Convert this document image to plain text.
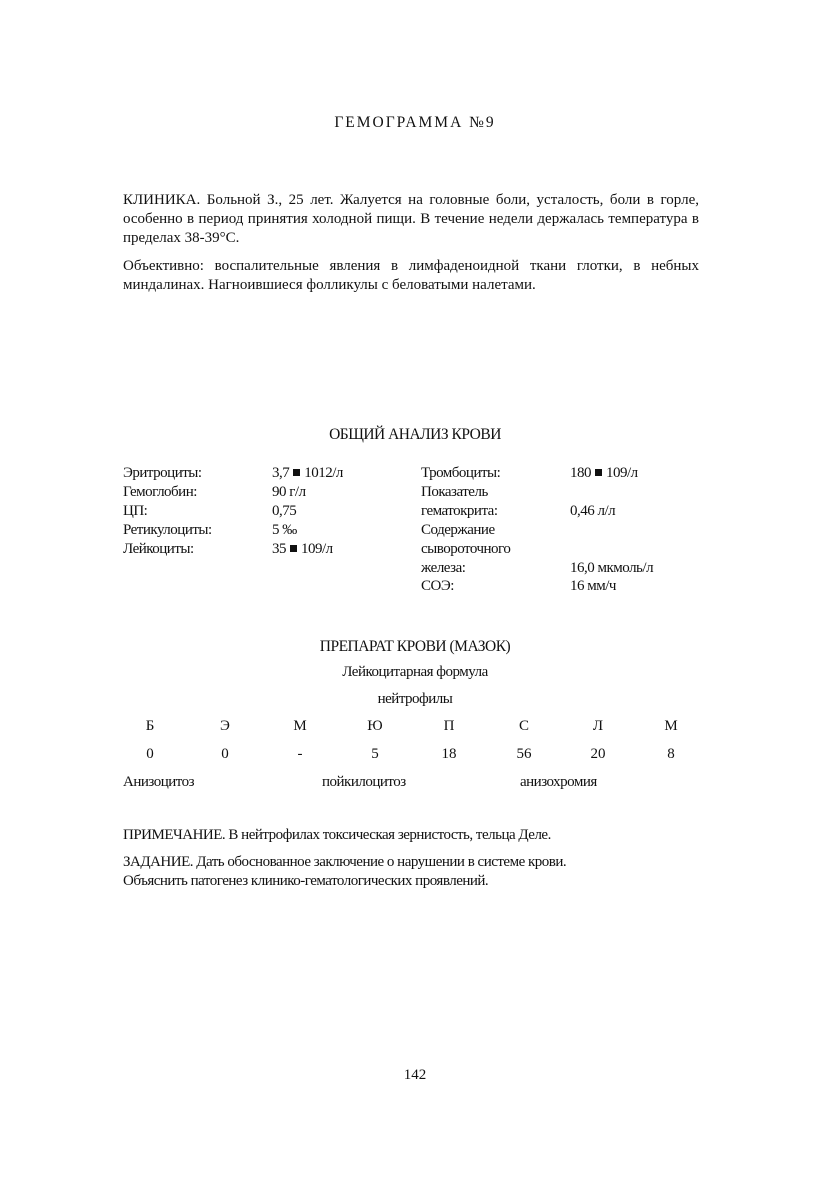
ГЕМОГРАММА №9
КЛИНИКА. Больной З., 25 лет. Жалуется на головные боли, усталость, боли в горле, особенно в период принятия холодной пищи. В течение недели держалась температура в пределах 38-39°С.
Объективно: воспалительные явления в лимфаденоидной ткани глотки, в небных миндалинах. Нагноившиеся фолликулы с беловатыми налетами.
ОБЩИЙ АНАЛИЗ КРОВИ
Эритроциты:	3,7 1012/л
Гемоглобин:	90 г/л
ЦП:	0,75
Ретикулоциты:	5 ‰
Лейкоциты:	35 109/л
Тромбоциты:	180 109/л
Показатель
гематокрита:	0,46 л/л
Содержание
сывороточного
железа:	16,0 мкмоль/л
СОЭ:	16 мм/ч
ПРЕПАРАТ КРОВИ (МАЗОК)
Лейкоцитарная формула
нейтрофилы
Б	Э	М	Ю	П	С	Л	М
0	0	-	5	18	56	20	8
Анизоцитоз	пойкилоцитоз	анизохромия
ПРИМЕЧАНИЕ. В нейтрофилах токсическая зернистость, тельца Деле.
ЗАДАНИЕ. Дать обоснованное заключение о нарушении в системе крови.
Объяснить патогенез клинико-гематологических проявлений.
142
